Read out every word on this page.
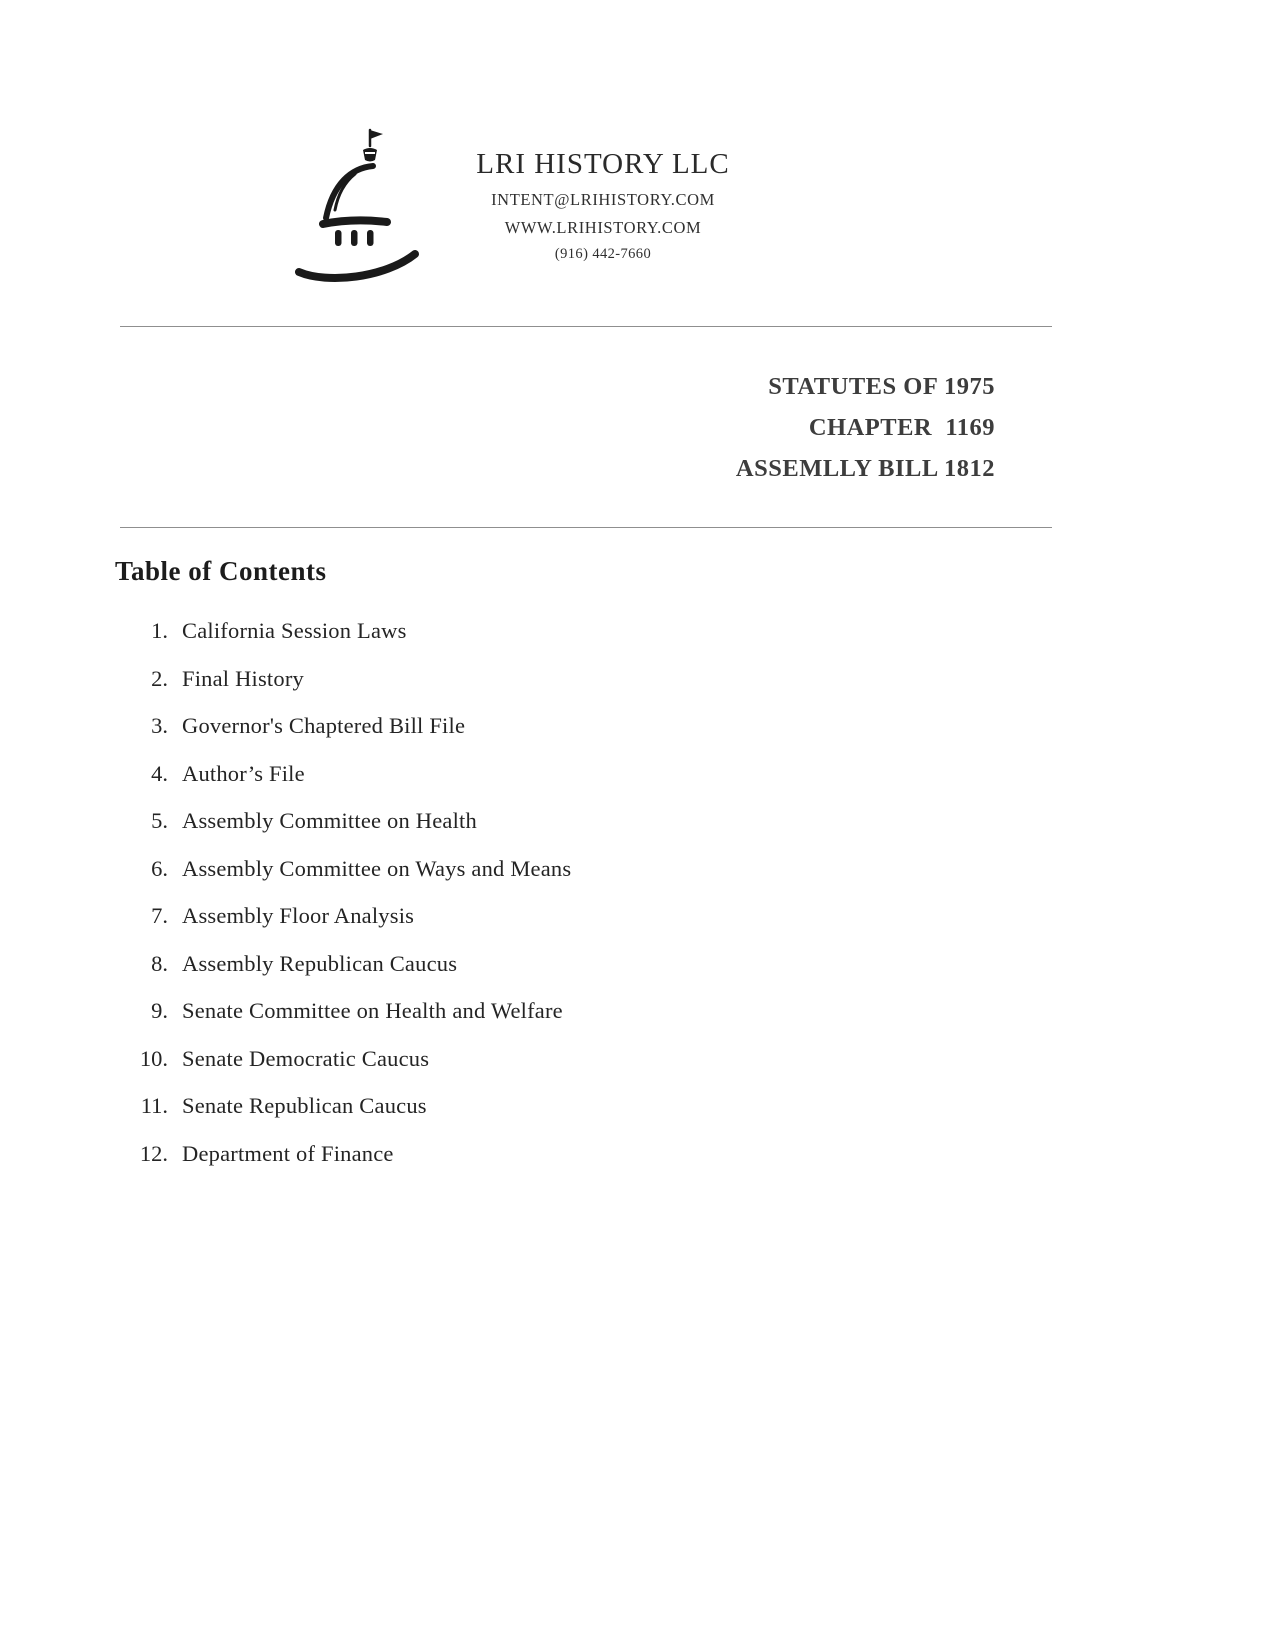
LRI HISTORY LLC
INTENT@LRIHISTORY.COM
WWW.LRIHISTORY.COM
(916) 442-7660
STATUTES OF 1975
CHAPTER  1169
ASSEMLLY BILL 1812
Table of Contents
1. California Session Laws
2. Final History
3. Governor's Chaptered Bill File
4. Author’s File
5. Assembly Committee on Health
6. Assembly Committee on Ways and Means
7. Assembly Floor Analysis
8. Assembly Republican Caucus
9. Senate Committee on Health and Welfare
10. Senate Democratic Caucus
11. Senate Republican Caucus
12. Department of Finance
